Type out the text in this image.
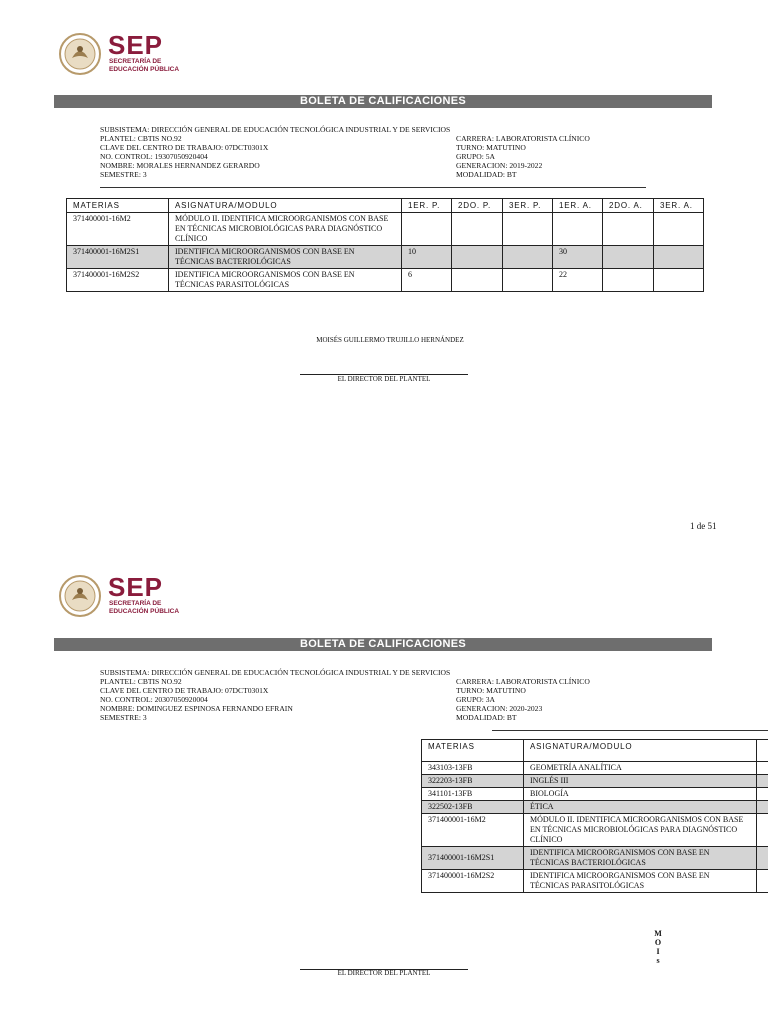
SEP
SECRETARÍA DE
EDUCACIÓN PÚBLICA
BOLETA DE CALIFICACIONES
SUBSISTEMA: DIRECCIÓN GENERAL DE EDUCACIÓN TECNOLÓGICA INDUSTRIAL Y DE SERVICIOS
PLANTEL: CBTIS NO.92
CLAVE DEL CENTRO DE TRABAJO: 07DCT0301X
NO. CONTROL: 19307050920404
NOMBRE: MORALES HERNANDEZ GERARDO
SEMESTRE: 3
CARRERA: LABORATORISTA CLÍNICO
TURNO: MATUTINO
GRUPO: 5A
GENERACION: 2019-2022
MODALIDAD: BT
MATERIAS	ASIGNATURA/MODULO	1ER. P.	2DO. P.	3ER. P.	1ER. A.	2DO. A.	3ER. A.
371400001-16M2	MÓDULO II. IDENTIFICA MICROORGANISMOS CON BASE EN TÉCNICAS MICROBIOLÓGICAS PARA DIAGNÓSTICO CLÍNICO						
371400001-16M2S1	IDENTIFICA MICROORGANISMOS CON BASE EN TÉCNICAS BACTERIOLÓGICAS	10			30		
371400001-16M2S2	IDENTIFICA MICROORGANISMOS CON BASE EN TÉCNICAS PARASITOLÓGICAS	6			22		
MOISÉS GUILLERMO TRUJILLO HERNÁNDEZ
EL DIRECTOR DEL PLANTEL
1 de 51
SEP
SECRETARÍA DE
EDUCACIÓN PÚBLICA
BOLETA DE CALIFICACIONES
SUBSISTEMA: DIRECCIÓN GENERAL DE EDUCACIÓN TECNOLÓGICA INDUSTRIAL Y DE SERVICIOS
PLANTEL: CBTIS NO.92
CLAVE DEL CENTRO DE TRABAJO: 07DCT0301X
NO. CONTROL: 20307050920004
NOMBRE: DOMINGUEZ ESPINOSA FERNANDO EFRAIN
SEMESTRE: 3
CARRERA: LABORATORISTA CLÍNICO
TURNO: MATUTINO
GRUPO: 3A
GENERACION: 2020-2023
MODALIDAD: BT
MATERIAS	ASIGNATURA/MODULO	
343103-13FB	GEOMETRÍA ANALÍTICA	
322203-13FB	INGLÉS III	
341101-13FB	BIOLOGÍA	
322502-13FB	ÉTICA	
371400001-16M2	MÓDULO II. IDENTIFICA MICROORGANISMOS CON BASE EN TÉCNICAS MICROBIOLÓGICAS PARA DIAGNÓSTICO CLÍNICO	
371400001-16M2S1	IDENTIFICA MICROORGANISMOS CON BASE EN TÉCNICAS BACTERIOLÓGICAS	
371400001-16M2S2	IDENTIFICA MICROORGANISMOS CON BASE EN TÉCNICAS PARASITOLÓGICAS	
M
O
I
s
EL DIRECTOR DEL PLANTEL
